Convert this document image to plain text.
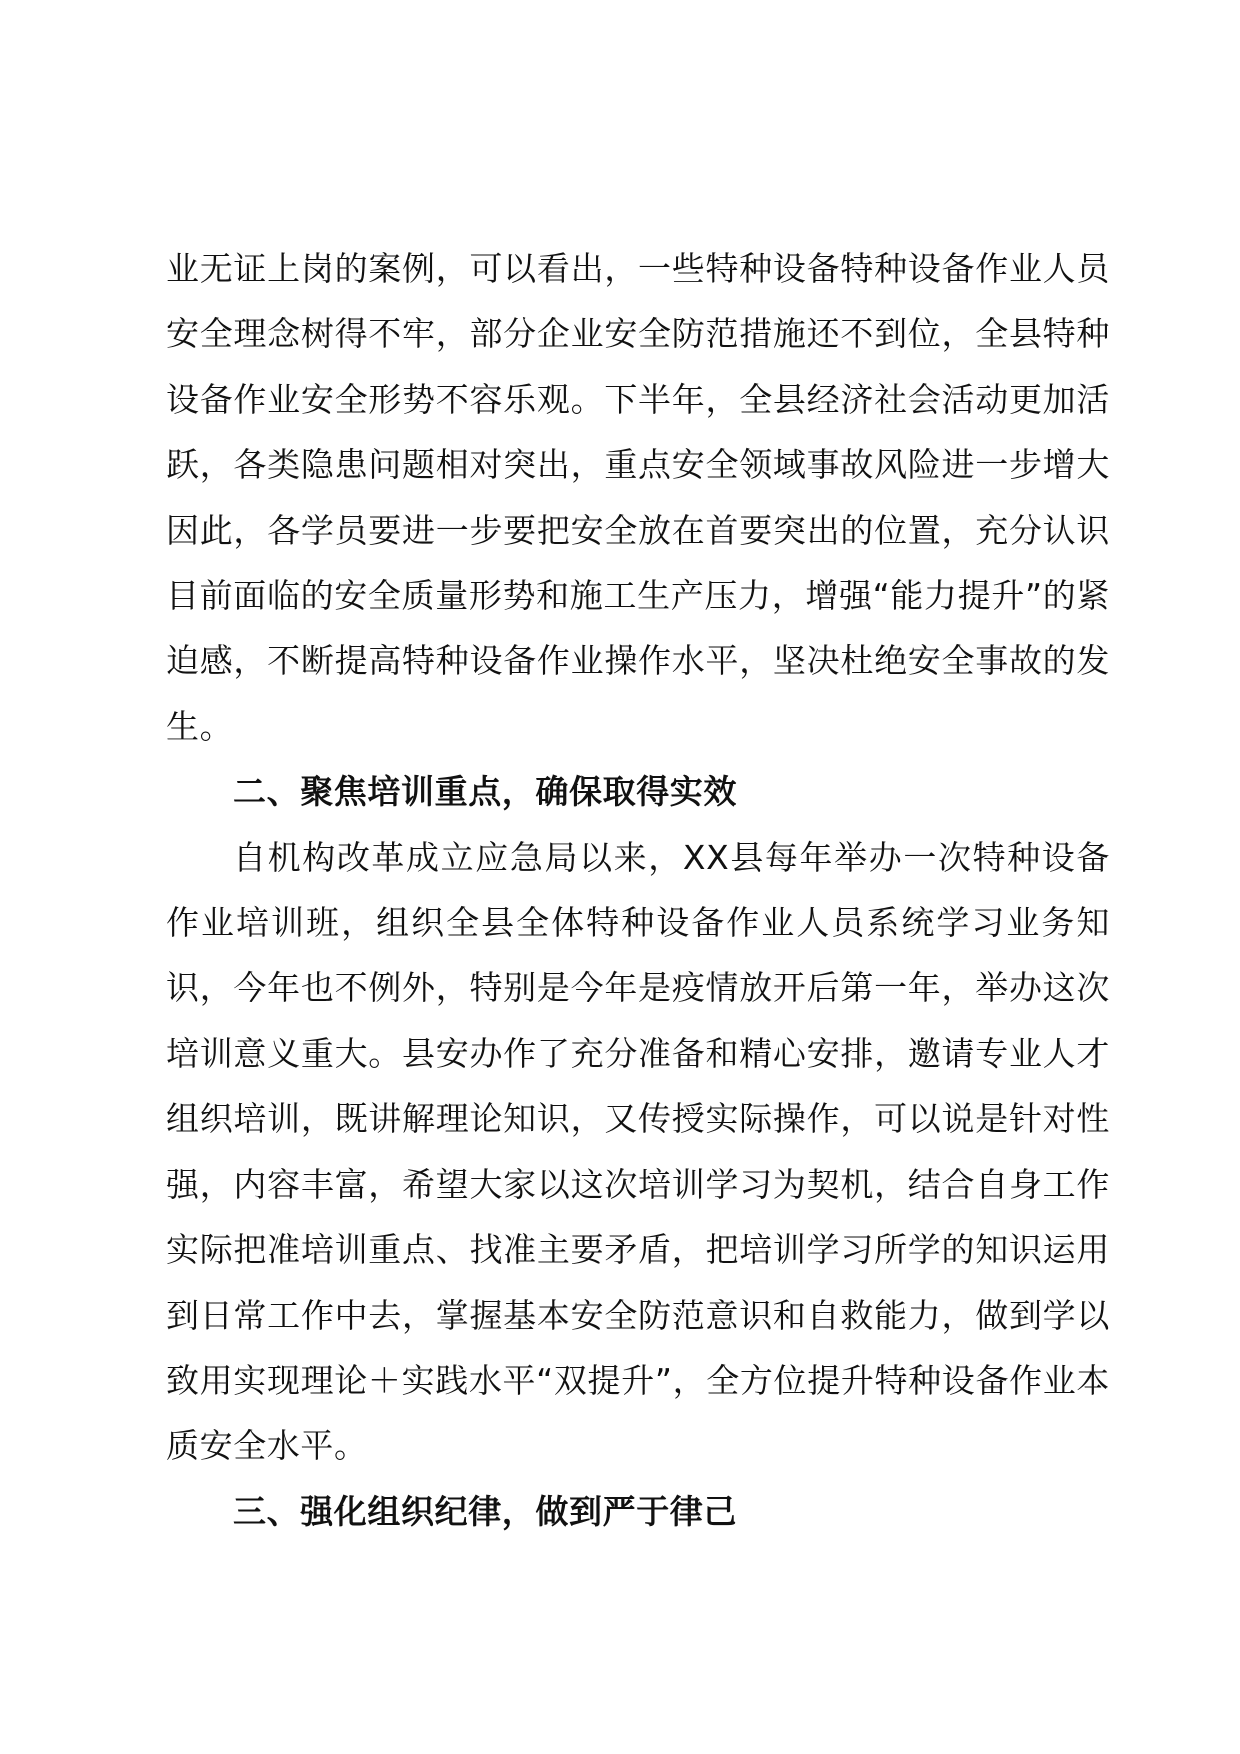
业无证上岗的案例，可以看出，一些特种设备特种设备作业人员安全理念树得不牢，部分企业安全防范措施还不到位，全县特种设备作业安全形势不容乐观。下半年，全县经济社会活动更加活跃，各类隐患问题相对突出，重点安全领域事故风险进一步增大因此，各学员要进一步要把安全放在首要突出的位置，充分认识目前面临的安全质量形势和施工生产压力，增强“能力提升”的紧迫感，不断提高特种设备作业操作水平，坚决杜绝安全事故的发生。

二、聚焦培训重点，确保取得实效

自机构改革成立应急局以来，XX县每年举办一次特种设备作业培训班，组织全县全体特种设备作业人员系统学习业务知识，今年也不例外，特别是今年是疫情放开后第一年，举办这次培训意义重大。县安办作了充分准备和精心安排，邀请专业人才组织培训，既讲解理论知识，又传授实际操作，可以说是针对性强，内容丰富，希望大家以这次培训学习为契机，结合自身工作实际把准培训重点、找准主要矛盾，把培训学习所学的知识运用到日常工作中去，掌握基本安全防范意识和自救能力，做到学以致用实现理论＋实践水平“双提升”，全方位提升特种设备作业本质安全水平。

三、强化组织纪律，做到严于律己
